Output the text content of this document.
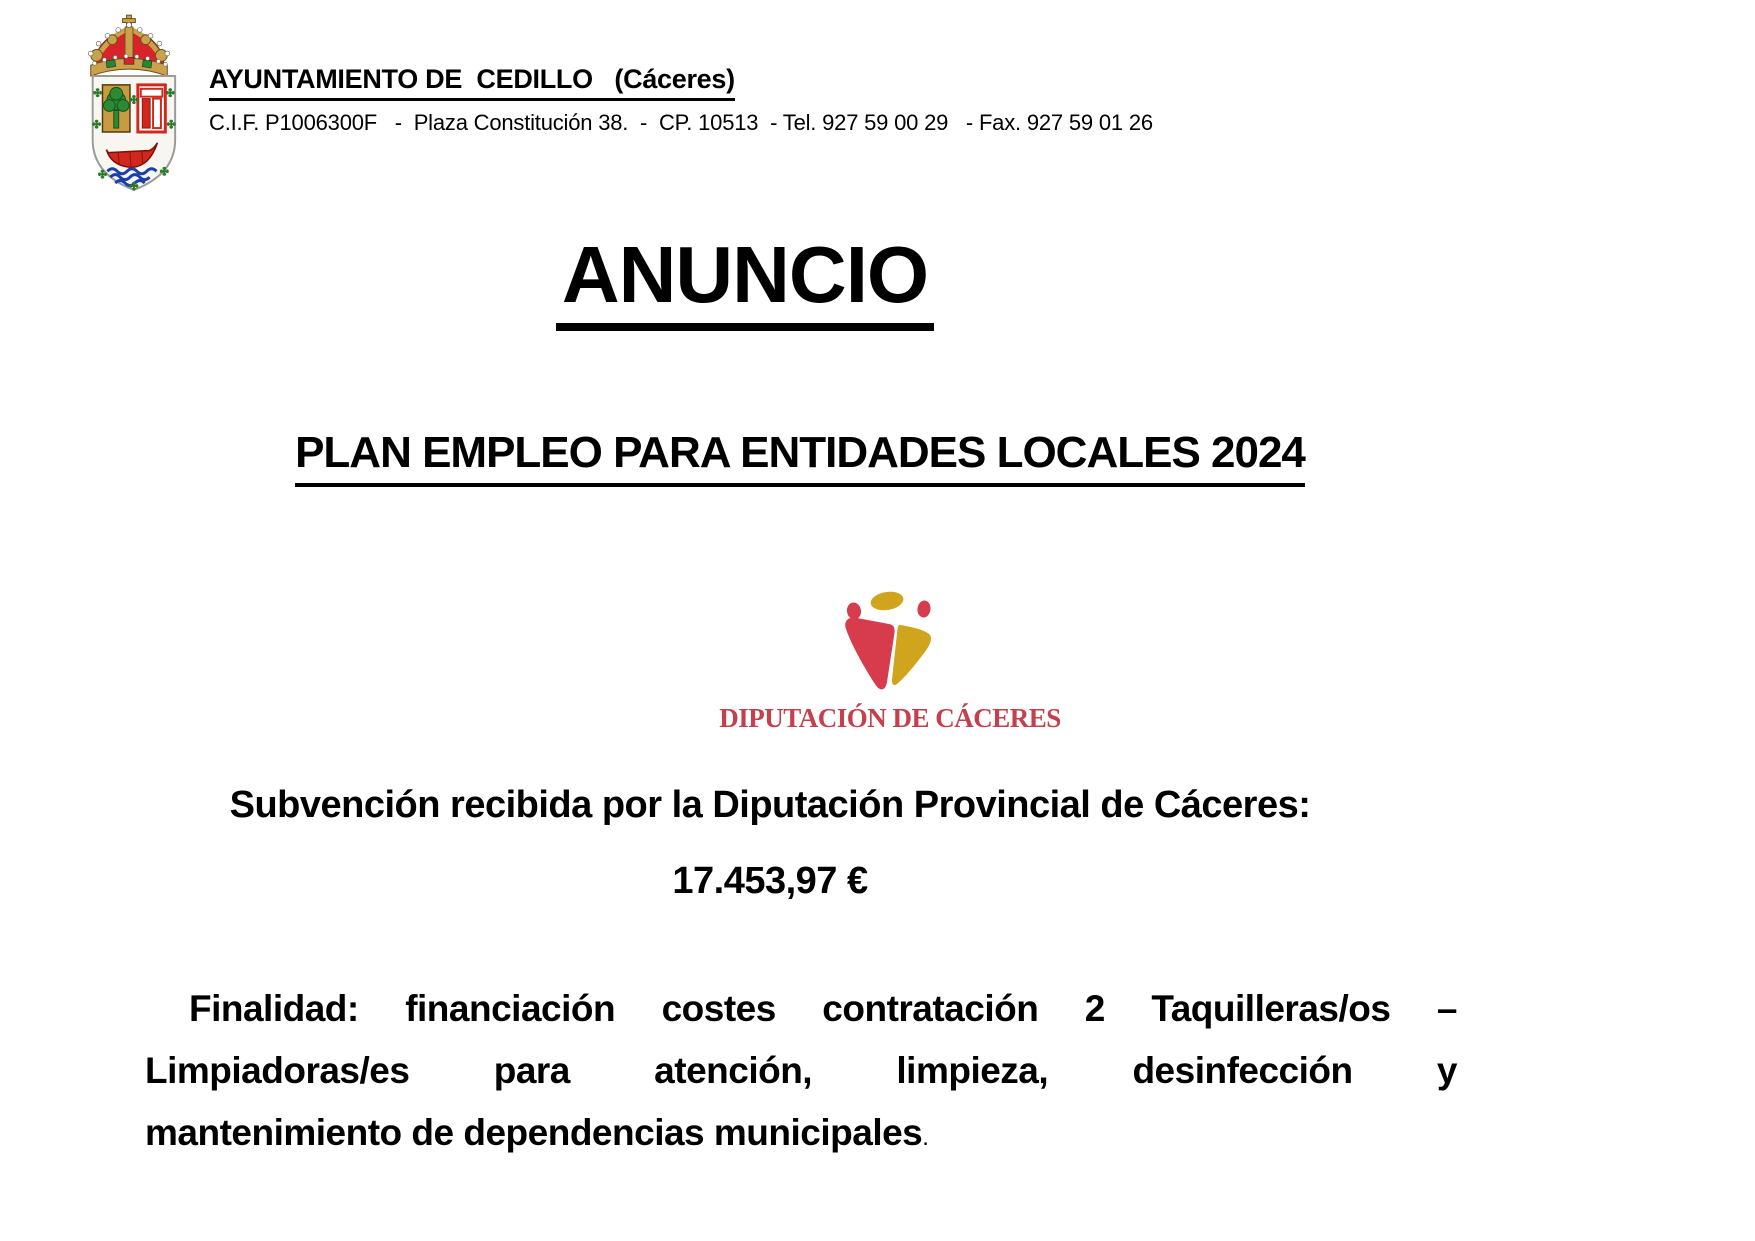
AYUNTAMIENTO DE  CEDILLO   (Cáceres)
C.I.F. P1006300F   -  Plaza Constitución 38.  -  CP. 10513  - Tel. 927 59 00 29   - Fax. 927 59 01 26
ANUNCIO
PLAN EMPLEO PARA ENTIDADES LOCALES 2024
DIPUTACIÓN DE CÁCERES
Subvención recibida por la Diputación Provincial de Cáceres:
17.453,97 €
Finalidad: financiación costes contratación 2 Taquilleras/os –
Limpiadoras/es para atención, limpieza, desinfección y
mantenimiento de dependencias municipales.
